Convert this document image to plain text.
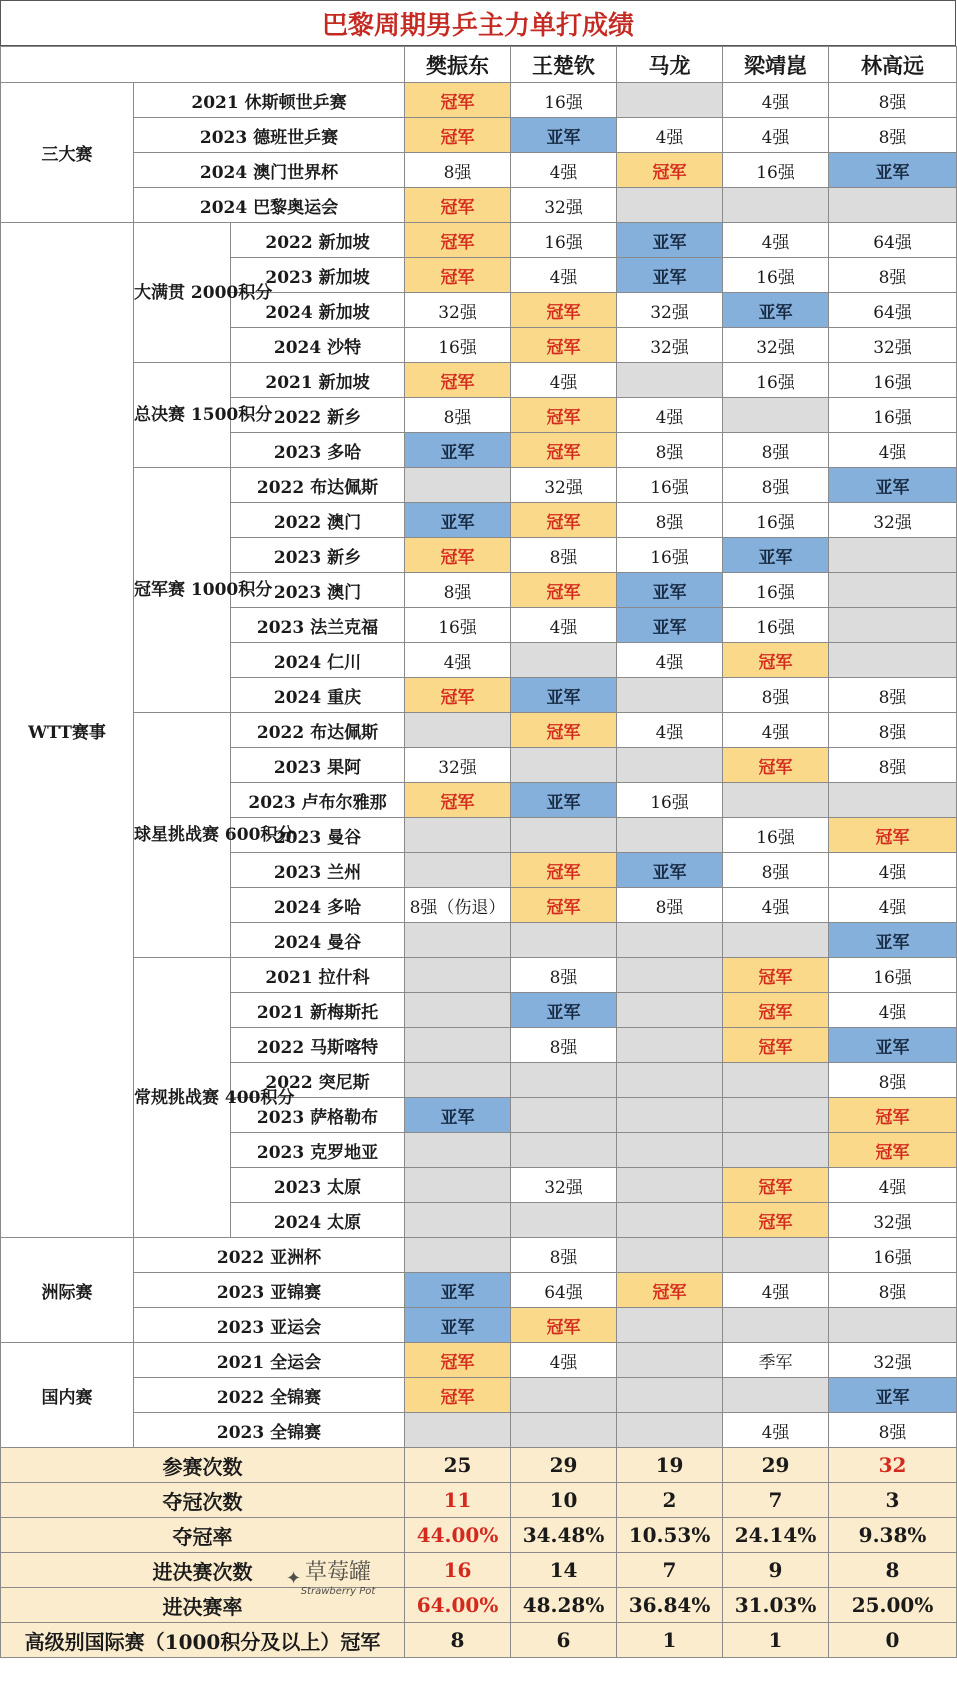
巴黎周期男乒主力单打成绩
			樊振东	王楚钦	马龙	梁靖崑	林高远
三大赛	2021 休斯顿世乒赛		冠军	16强		4强	8强
	2023 德班世乒赛		冠军	亚军	4强	4强	8强
	2024 澳门世界杯		8强	4强	冠军	16强	亚军
	2024 巴黎奥运会		冠军	32强			
WTT赛事	大满贯 2000积分	2022 新加坡	冠军	16强	亚军	4强	64强
		2023 新加坡	冠军	4强	亚军	16强	8强
		2024 新加坡	32强	冠军	32强	亚军	64强
		2024 沙特	16强	冠军	32强	32强	32强
	总决赛 1500积分	2021 新加坡	冠军	4强		16强	16强
		2022 新乡	8强	冠军	4强		16强
		2023 多哈	亚军	冠军	8强	8强	4强
	冠军赛 1000积分	2022 布达佩斯		32强	16强	8强	亚军
		2022 澳门	亚军	冠军	8强	16强	32强
		2023 新乡	冠军	8强	16强	亚军	
		2023 澳门	8强	冠军	亚军	16强	
		2023 法兰克福	16强	4强	亚军	16强	
		2024 仁川	4强		4强	冠军	
		2024 重庆	冠军	亚军		8强	8强
	球星挑战赛 600积分	2022 布达佩斯		冠军	4强	4强	8强
		2023 果阿	32强			冠军	8强
		2023 卢布尔雅那	冠军	亚军	16强		
		2023 曼谷				16强	冠军
		2023 兰州		冠军	亚军	8强	4强
		2024 多哈	8强（伤退）	冠军	8强	4强	4强
		2024 曼谷					亚军
	常规挑战赛 400积分	2021 拉什科		8强		冠军	16强
		2021 新梅斯托		亚军		冠军	4强
		2022 马斯喀特		8强		冠军	亚军
		2022 突尼斯					8强
		2023 萨格勒布	亚军				冠军
		2023 克罗地亚					冠军
		2023 太原		32强		冠军	4强
		2024 太原				冠军	32强
洲际赛	2022 亚洲杯			8强			16强
	2023 亚锦赛		亚军	64强	冠军	4强	8强
	2023 亚运会		亚军	冠军			
国内赛	2021 全运会		冠军	4强		季军	32强
	2022 全锦赛		冠军				亚军
	2023 全锦赛					4强	8强
参赛次数			25	29	19	29	32
夺冠次数			11	10	2	7	3
夺冠率			44.00%	34.48%	10.53%	24.14%	9.38%
进决赛次数			16	14	7	9	8
进决赛率			64.00%	48.28%	36.84%	31.03%	25.00%
高级别国际赛（1000积分及以上）冠军			8	6	1	1	0
✦ 草莓罐
Strawberry Pot
